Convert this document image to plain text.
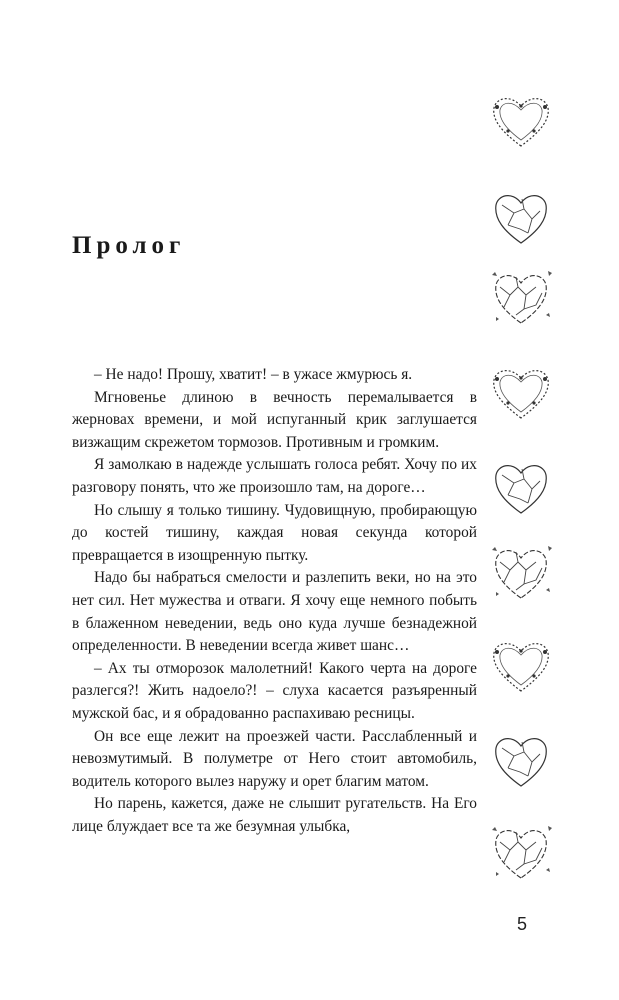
Пролог

– Не надо! Прошу, хватит! – в ужасе жмурюсь я.

Мгновенье длиною в вечность перемалывается в жерновах времени, и мой испуганный крик заглушается визжащим скрежетом тормозов. Противным и громким.

Я замолкаю в надежде услышать голоса ребят. Хочу по их разговору понять, что же произошло там, на дороге…

Но слышу я только тишину. Чудовищную, пробирающую до костей тишину, каждая новая секунда которой превращается в изощренную пытку.

Надо бы набраться смелости и разлепить веки, но на это нет сил. Нет мужества и отваги. Я хочу еще немного побыть в блаженном неведении, ведь оно куда лучше безнадежной определенности. В неведении всегда живет шанс…

– Ах ты отморозок малолетний! Какого черта на дороге разлегся?! Жить надоело?! – слуха касается разъяренный мужской бас, и я обрадованно распахиваю ресницы.

Он все еще лежит на проезжей части. Расслабленный и невозмутимый. В полуметре от Него стоит автомобиль, водитель которого вылез наружу и орет благим матом.

Но парень, кажется, даже не слышит ругательств. На Его лице блуждает все та же безумная улыбка,

5
